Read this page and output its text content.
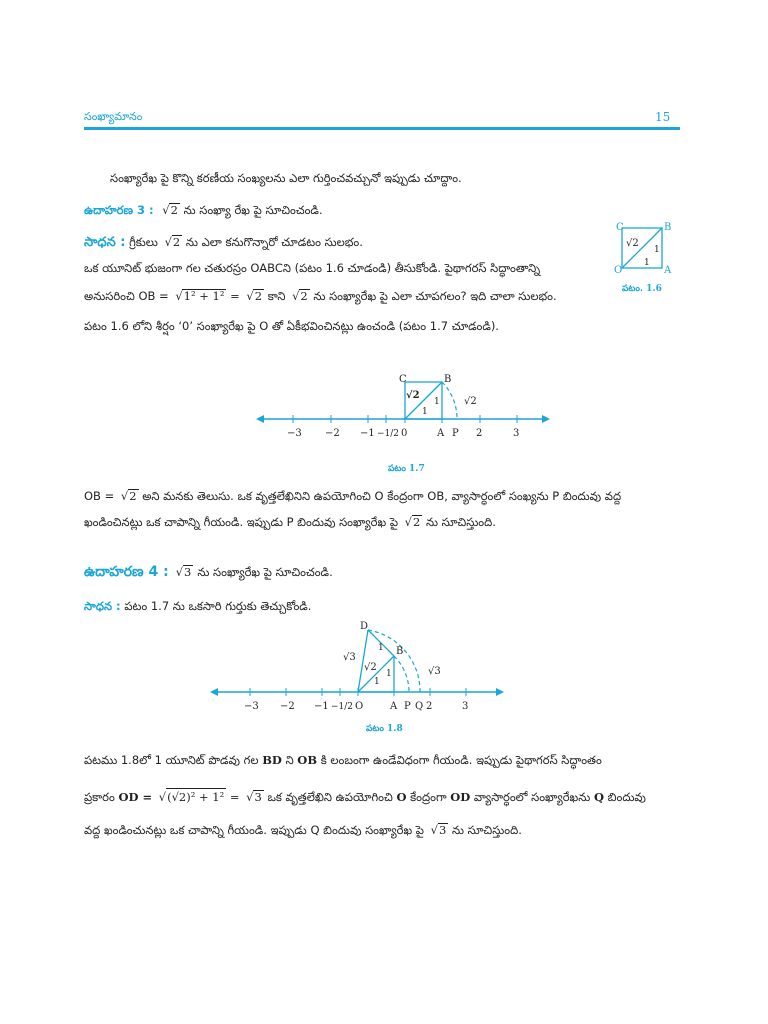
సంఖ్యామానం	15
సంఖ్యారేఖ పై కొన్ని కరణీయ సంఖ్యలను ఎలా గుర్తించవచ్చునో ఇప్పుడు చూద్దాం.
ఉదాహరణ 3 : √ 2 ను సంఖ్యా రేఖ పై సూచించండి.
సాధన : గ్రీకులు √ 2 ను ఎలా కనుగొన్నారో చూడటం సులభం.
ఒక యూనిట్ భుజంగా గల చతురస్రం OABCని (పటం 1.6 చూడండి) తీసుకోండి. పైథాగరస్ సిద్ధాంతాన్ని
అనుసరించి OB = √ 1² + 1² = √ 2 కాని √ 2 ను సంఖ్యారేఖ పై ఎలా చూపగలం? ఇది చాలా సులభం.
పటం 1.6 లోని శీర్షం ‘0’ సంఖ్యారేఖ పై O తో ఏకీభవించినట్లు ఉంచండి (పటం 1.7 చూడండి).
C	B
O	A
√2
1
1
పటం. 1.6
C	B
√2
1
1
√2
−3 −2 −1 −1/2 0	A P 2	3
పటం 1.7
OB = √ 2 అని మనకు తెలుసు. ఒక వృత్తలేఖినిని ఉపయోగించి O కేంద్రంగా OB, వ్యాసార్ధంలో సంఖ్యను P బిందువు వద్ద
ఖండించినట్లు ఒక చాపాన్ని గీయండి. ఇప్పుడు P బిందువు సంఖ్యారేఖ పై √ 2 ను సూచిస్తుంది.
ఉదాహరణ 4 : √ 3 ను సంఖ్యారేఖ పై సూచించండి.
సాధన : పటం 1.7 ను ఒకసారి గుర్తుకు తెచ్చుకోండి.
D
B
√3
√2
1
1
1
√3
−3 −2 −1 −1/2 O	A P Q 2	3
పటం 1.8
పటము 1.8లో 1 యూనిట్ పొడవు గల BD ని OB కి లంబంగా ఉండేవిధంగా గీయండి. ఇప్పుడు పైథాగరస్ సిద్ధాంతం
ప్రకారం OD = √ (√2)² + 1² = √ 3 ఒక వృత్తలేఖిని ఉపయోగించి O కేంద్రంగా OD వ్యాసార్ధంలో సంఖ్యారేఖను Q బిందువు
వద్ద ఖండించునట్లు ఒక చాపాన్ని గీయండి. ఇప్పుడు Q బిందువు సంఖ్యారేఖ పై √ 3 ను సూచిస్తుంది.
